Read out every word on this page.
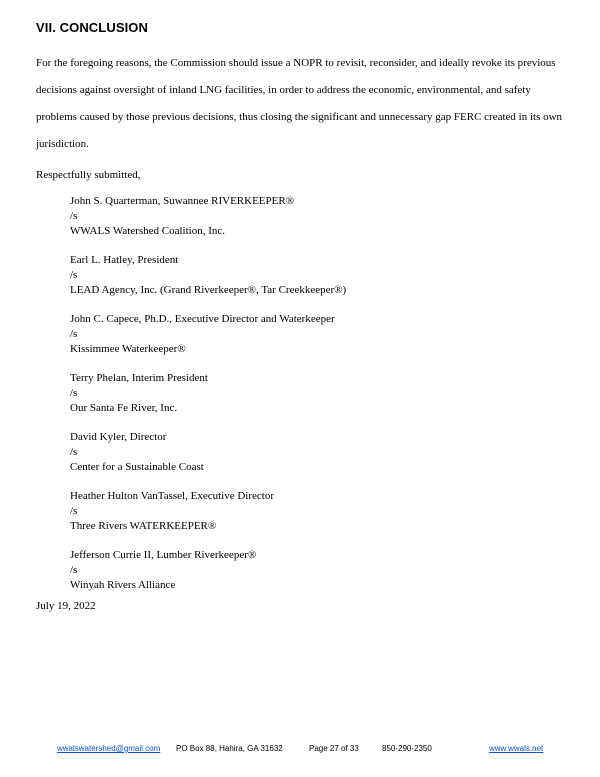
VII. CONCLUSION

For the foregoing reasons, the Commission should issue a NOPR to revisit, reconsider, and ideally revoke its previous
decisions against oversight of inland LNG facilities, in order to address the economic, environmental, and safety
problems caused by those previous decisions, thus closing the significant and unnecessary gap FERC created in its own
jurisdiction.

Respectfully submitted,

John S. Quarterman, Suwannee RIVERKEEPER®
/s
WWALS Watershed Coalition, Inc.
Earl L. Hatley, President
/s
LEAD Agency, Inc. (Grand Riverkeeper®, Tar Creekkeeper®)
John C. Capece, Ph.D., Executive Director and Waterkeeper
/s
Kissimmee Waterkeeper®
Terry Phelan, Interim President
/s
Our Santa Fe River, Inc.
David Kyler, Director
/s
Center for a Sustainable Coast
Heather Hulton VanTassel, Executive Director
/s
Three Rivers WATERKEEPER®
Jefferson Currie II, Lumber Riverkeeper®
/s
Winyah Rivers Alliance

July 19, 2022

wwalswatershed@gmail.com PO Box 88, Hahira, GA 31632	Page 27 of 33	850-290-2350	www.wwals.net
